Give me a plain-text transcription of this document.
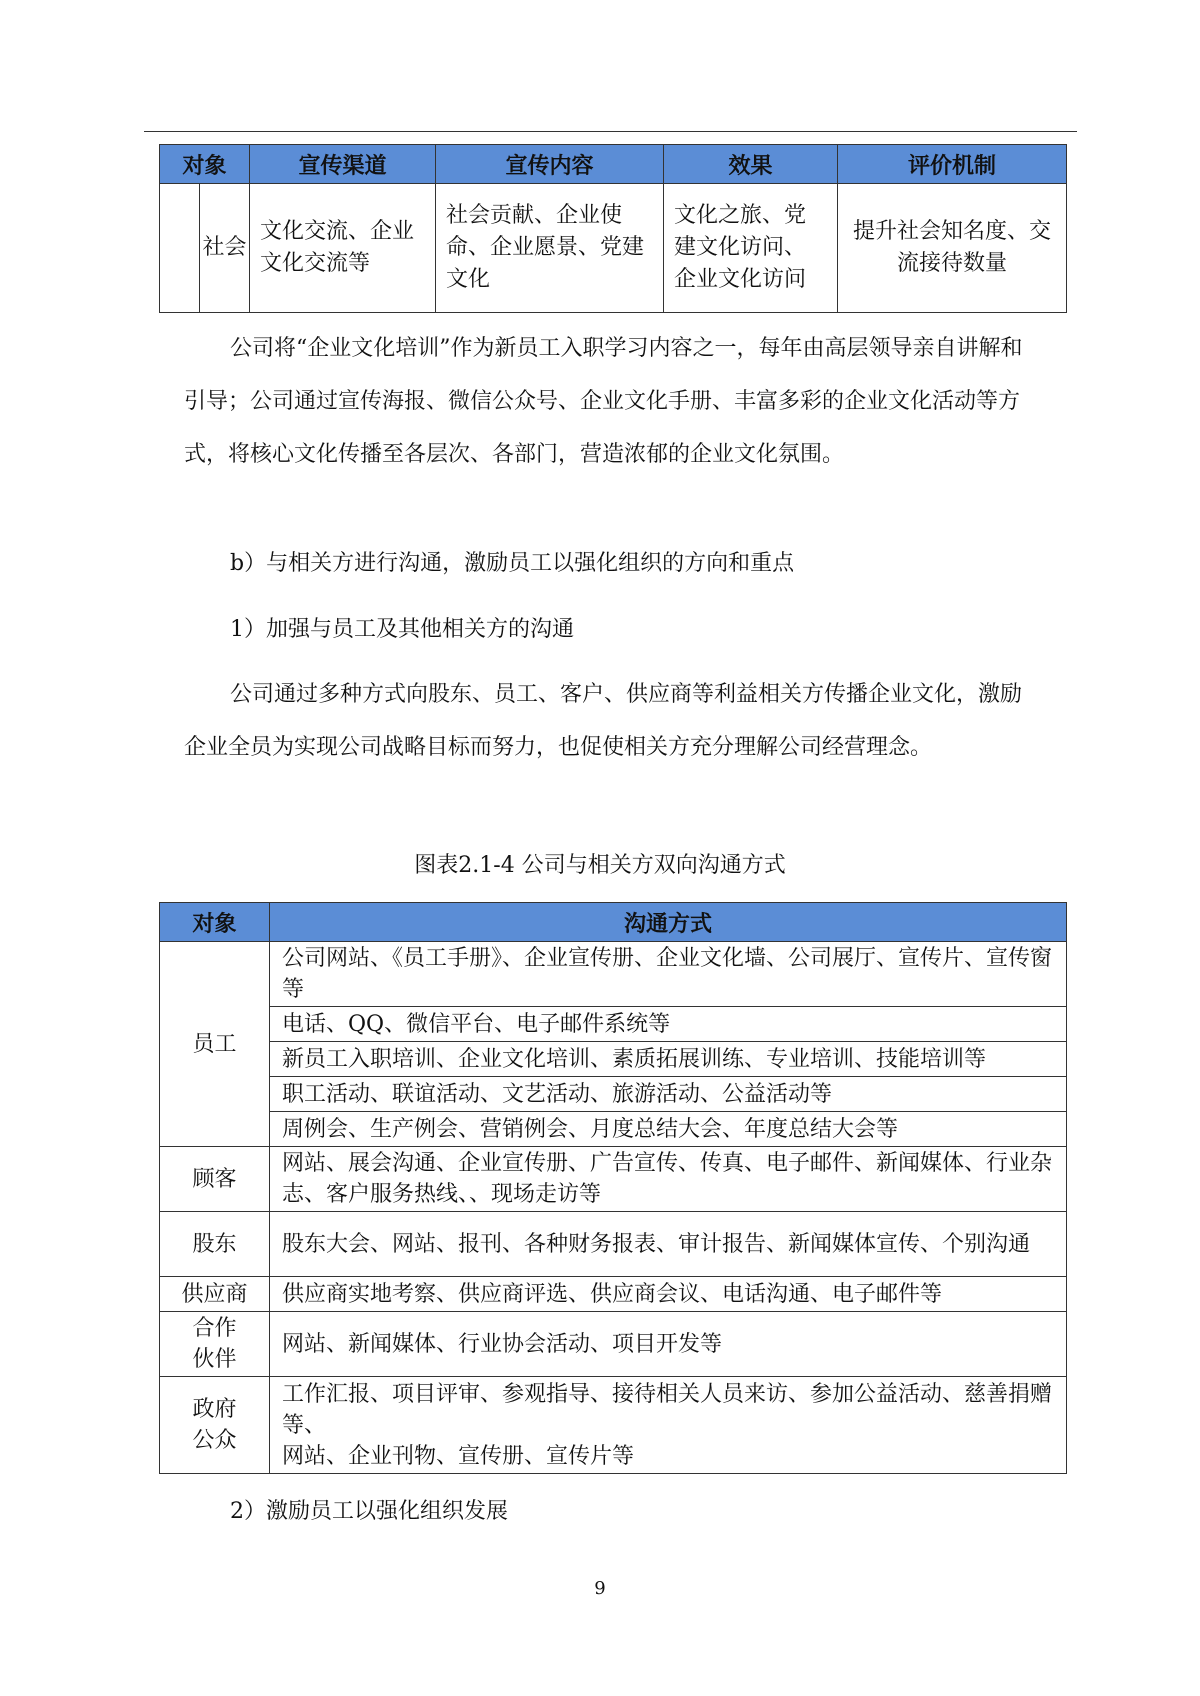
对象		宣传渠道	宣传内容	效果	评价机制
	社会	文化交流、企业文化交流等	社会贡献、企业使命、企业愿景、党建文化	文化之旅、党建文化访问、企业文化访问	提升社会知名度、交流接待数量

公司将“企业文化培训”作为新员工入职学习内容之一，每年由高层领导亲自讲解和引导；公司通过宣传海报、微信公众号、企业文化手册、丰富多彩的企业文化活动等方式，将核心文化传播至各层次、各部门，营造浓郁的企业文化氛围。

b）与相关方进行沟通，激励员工以强化组织的方向和重点

1）加强与员工及其他相关方的沟通

公司通过多种方式向股东、员工、客户、供应商等利益相关方传播企业文化，激励企业全员为实现公司战略目标而努力，也促使相关方充分理解公司经营理念。

图表2.1-4 公司与相关方双向沟通方式

对象	沟通方式
员工	公司网站、《员工手册》、企业宣传册、企业文化墙、公司展厅、宣传片、宣传窗等
	电话、QQ、微信平台、电子邮件系统等
	新员工入职培训、企业文化培训、素质拓展训练、专业培训、技能培训等
	职工活动、联谊活动、文艺活动、旅游活动、公益活动等
	周例会、生产例会、营销例会、月度总结大会、年度总结大会等
顾客	网站、展会沟通、企业宣传册、广告宣传、传真、电子邮件、新闻媒体、行业杂志、客户服务热线、、现场走访等
股东	股东大会、网站、报刊、各种财务报表、审计报告、新闻媒体宣传、个别沟通
供应商	供应商实地考察、供应商评选、供应商会议、电话沟通、电子邮件等
合作伙伴	网站、新闻媒体、行业协会活动、项目开发等
政府公众	工作汇报、项目评审、参观指导、接待相关人员来访、参加公益活动、慈善捐赠等、
网站、企业刊物、宣传册、宣传片等

2）激励员工以强化组织发展

9
